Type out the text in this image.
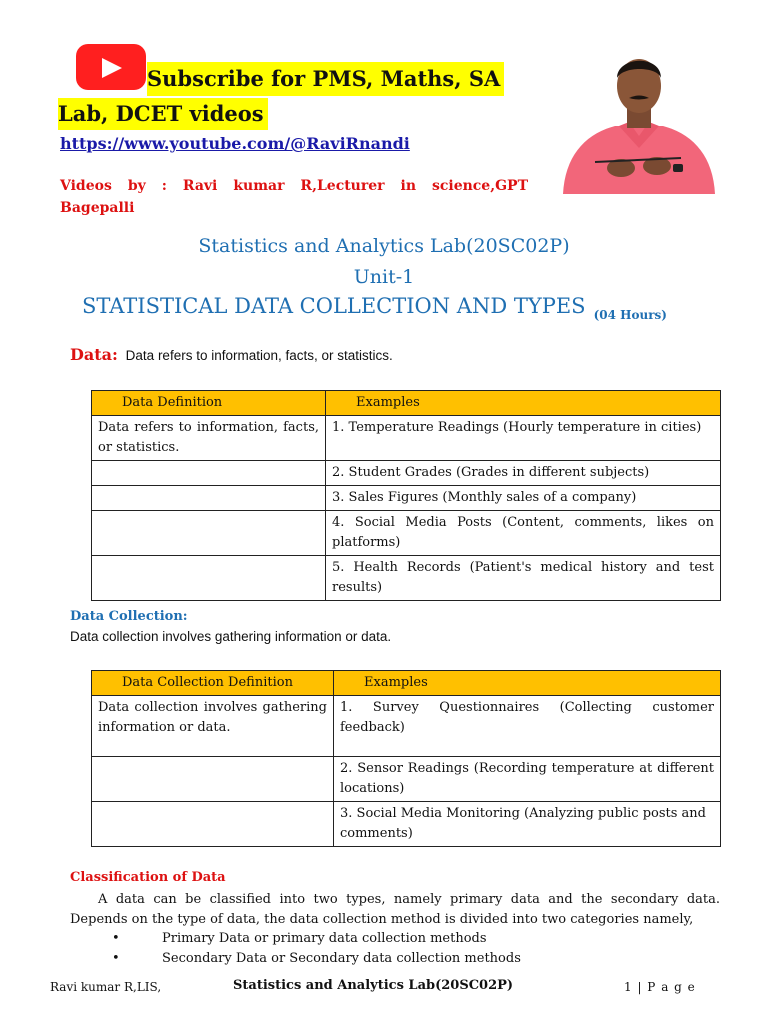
Subscribe for PMS, Maths, SA
Lab, DCET videos
https://www.youtube.com/@RaviRnandi
Videos by : Ravi kumar R,Lecturer in science,GPT Bagepalli
Statistics and Analytics Lab(20SC02P)
Unit-1
STATISTICAL DATA COLLECTION AND TYPES $_{(04 Hours)}$
Data: Data refers to information, facts, or statistics.
Data Definition	Examples
Data refers to information, facts, or statistics.	1. Temperature Readings (Hourly temperature in cities)
	2. Student Grades (Grades in different subjects)
	3. Sales Figures (Monthly sales of a company)
	4. Social Media Posts (Content, comments, likes on platforms)
	5. Health Records (Patient's medical history and test results)
Data Collection:
Data collection involves gathering information or data.
Data Collection Definition	Examples
Data collection involves gathering information or data.	1. Survey Questionnaires (Collecting customer feedback)
	2. Sensor Readings (Recording temperature at different locations)
	3. Social Media Monitoring (Analyzing public posts and comments)
Classification of Data
A data can be classified into two types, namely primary data and the secondary data. Depends on the type of data, the data collection method is divided into two categories namely,
•	Primary Data or primary data collection methods
•	Secondary Data or Secondary data collection methods
Ravi kumar R,LIS,	Statistics and Analytics Lab(20SC02P)	1 | P a g e
